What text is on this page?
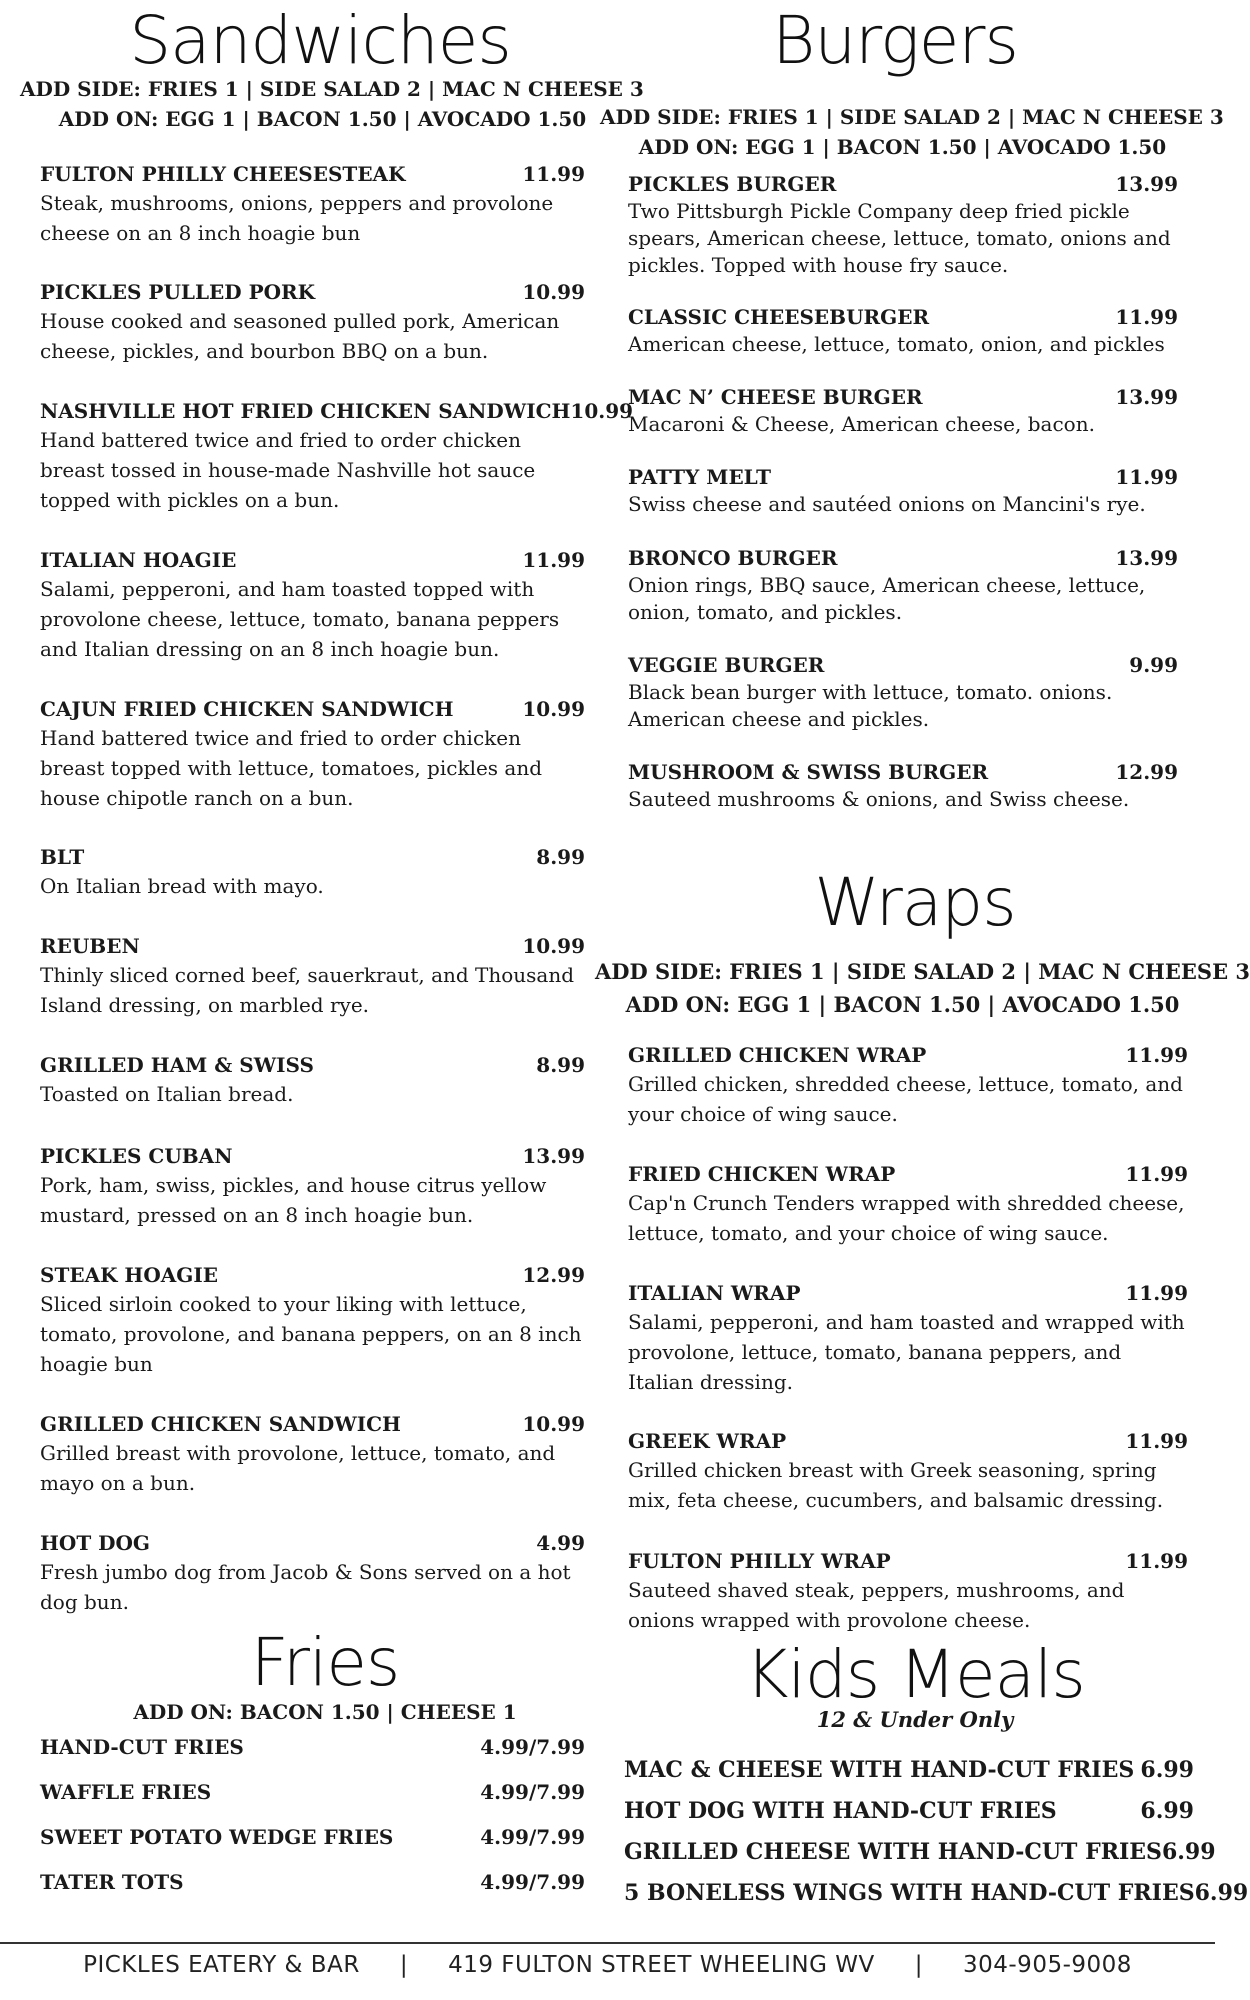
Sandwiches
ADD SIDE: FRIES 1 | SIDE SALAD 2 | MAC N CHEESE 3
ADD ON: EGG 1 | BACON 1.50 | AVOCADO 1.50
FULTON PHILLY CHEESESTEAK	11.99
Steak, mushrooms, onions, peppers and provolone cheese on an 8 inch hoagie bun
PICKLES PULLED PORK	10.99
House cooked and seasoned pulled pork, American cheese, pickles, and bourbon BBQ on a bun.
NASHVILLE HOT FRIED CHICKEN SANDWICH 10.99
Hand battered twice and fried to order chicken breast tossed in house-made Nashville hot sauce topped with pickles on a bun.
ITALIAN HOAGIE	11.99
Salami, pepperoni, and ham toasted topped with provolone cheese, lettuce, tomato, banana peppers and Italian dressing on an 8 inch hoagie bun.
CAJUN FRIED CHICKEN SANDWICH	10.99
Hand battered twice and fried to order chicken breast topped with lettuce, tomatoes, pickles and house chipotle ranch on a bun.
BLT	8.99
On Italian bread with mayo.
REUBEN	10.99
Thinly sliced corned beef, sauerkraut, and Thousand Island dressing, on marbled rye.
GRILLED HAM & SWISS	8.99
Toasted on Italian bread.
PICKLES CUBAN	13.99
Pork, ham, swiss, pickles, and house citrus yellow mustard, pressed on an 8 inch hoagie bun.
STEAK HOAGIE	12.99
Sliced sirloin cooked to your liking with lettuce, tomato, provolone, and banana peppers, on an 8 inch hoagie bun
GRILLED CHICKEN SANDWICH	10.99
Grilled breast with provolone, lettuce, tomato, and mayo on a bun.
HOT DOG	4.99
Fresh jumbo dog from Jacob & Sons served on a hot dog bun.
Fries
ADD ON: BACON 1.50 | CHEESE 1
HAND-CUT FRIES	4.99/7.99
WAFFLE FRIES	4.99/7.99
SWEET POTATO WEDGE FRIES	4.99/7.99
TATER TOTS	4.99/7.99
Burgers
ADD SIDE: FRIES 1 | SIDE SALAD 2 | MAC N CHEESE 3
ADD ON: EGG 1 | BACON 1.50 | AVOCADO 1.50
PICKLES BURGER	13.99
Two Pittsburgh Pickle Company deep fried pickle spears, American cheese, lettuce, tomato, onions and pickles. Topped with house fry sauce.
CLASSIC CHEESEBURGER	11.99
American cheese, lettuce, tomato, onion, and pickles
MAC N’ CHEESE BURGER	13.99
Macaroni & Cheese, American cheese, bacon.
PATTY MELT	11.99
Swiss cheese and sautéed onions on Mancini's rye.
BRONCO BURGER	13.99
Onion rings, BBQ sauce, American cheese, lettuce, onion, tomato, and pickles.
VEGGIE BURGER	9.99
Black bean burger with lettuce, tomato. onions. American cheese and pickles.
MUSHROOM & SWISS BURGER	12.99
Sauteed mushrooms & onions, and Swiss cheese.
Wraps
ADD SIDE: FRIES 1 | SIDE SALAD 2 | MAC N CHEESE 3
ADD ON: EGG 1 | BACON 1.50 | AVOCADO 1.50
GRILLED CHICKEN WRAP	11.99
Grilled chicken, shredded cheese, lettuce, tomato, and your choice of wing sauce.
FRIED CHICKEN WRAP	11.99
Cap'n Crunch Tenders wrapped with shredded cheese, lettuce, tomato, and your choice of wing sauce.
ITALIAN WRAP	11.99
Salami, pepperoni, and ham toasted and wrapped with provolone, lettuce, tomato, banana peppers, and Italian dressing.
GREEK WRAP	11.99
Grilled chicken breast with Greek seasoning, spring mix, feta cheese, cucumbers, and balsamic dressing.
FULTON PHILLY WRAP	11.99
Sauteed shaved steak, peppers, mushrooms, and onions wrapped with provolone cheese.
Kids Meals
12 & Under Only
MAC & CHEESE WITH HAND-CUT FRIES 6.99
HOT DOG WITH HAND-CUT FRIES	6.99
GRILLED CHEESE WITH HAND-CUT FRIES 6.99
5 BONELESS WINGS WITH HAND-CUT FRIES 6.99
PICKLES EATERY & BAR | 419 FULTON STREET WHEELING WV | 304-905-9008
